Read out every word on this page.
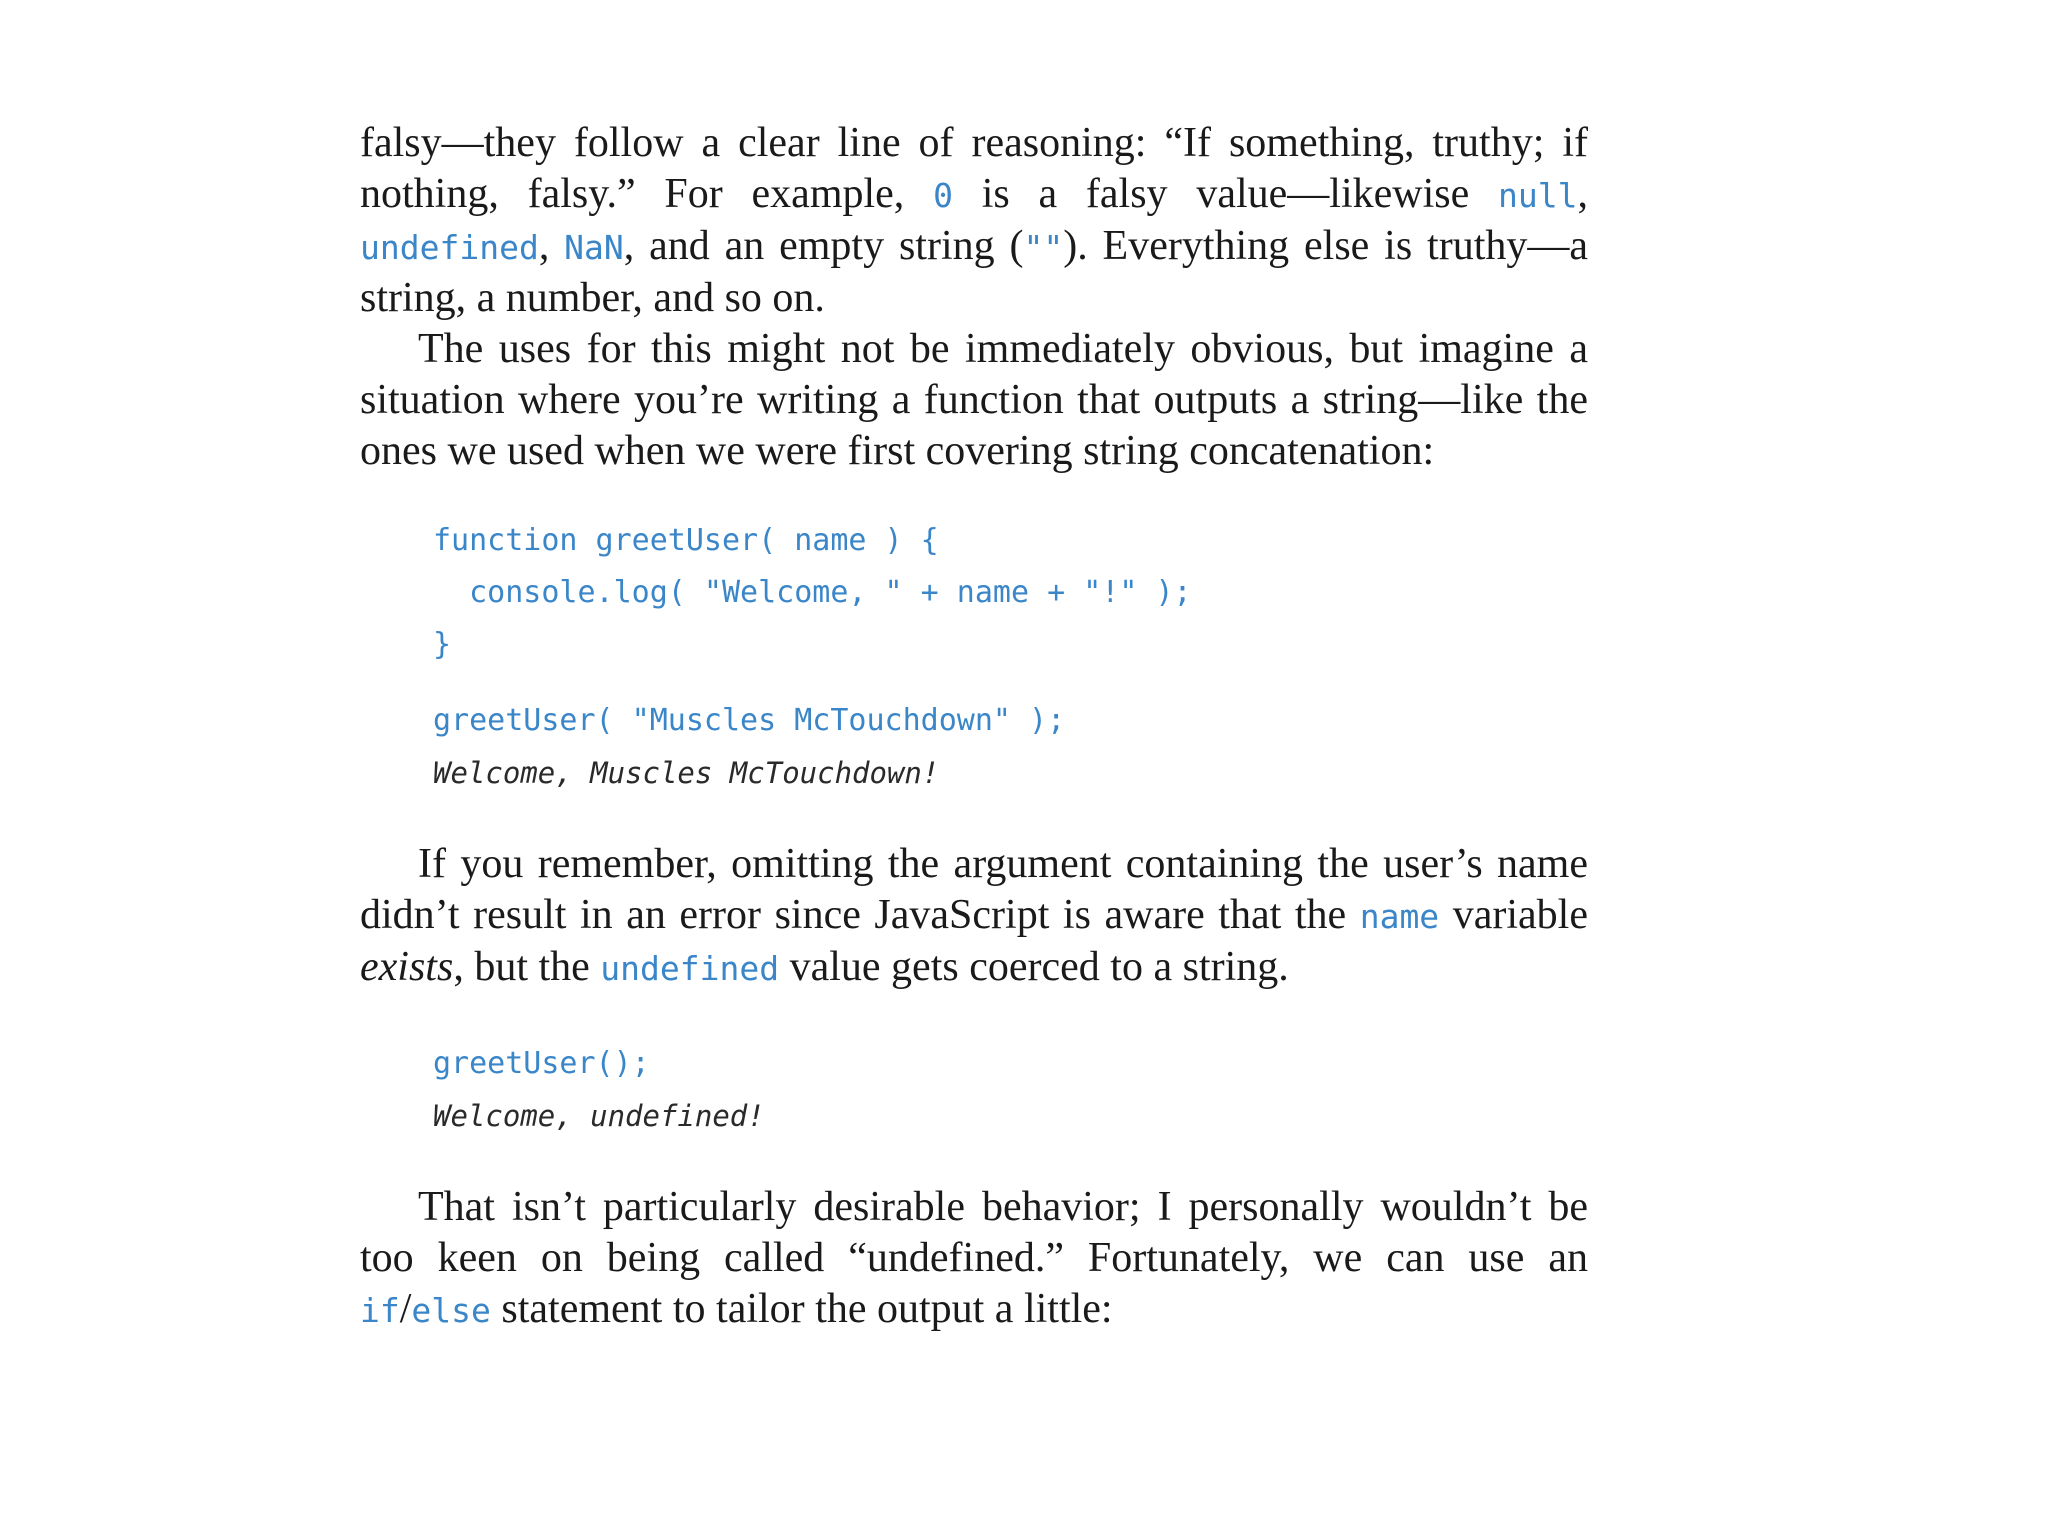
falsy—they follow a clear line of reasoning: “If something, truthy; if nothing, falsy.” For example, 0 is a falsy value—likewise null, undefined, NaN, and an empty string (""). Everything else is truthy—a string, a number, and so on.

The uses for this might not be immediately obvious, but imagine a situation where you’re writing a function that outputs a string—like the ones we used when we were first covering string concatenation:

function greetUser( name ) {
console.log( "Welcome, " + name + "!" );
}
greetUser( "Muscles McTouchdown" );
Welcome, Muscles McTouchdown!

If you remember, omitting the argument containing the user’s name didn’t result in an error since JavaScript is aware that the name variable exists, but the undefined value gets coerced to a string.

greetUser();
Welcome, undefined!

That isn’t particularly desirable behavior; I personally wouldn’t be too keen on being called “undefined.” Fortunately, we can use an if/else statement to tailor the output a little:
